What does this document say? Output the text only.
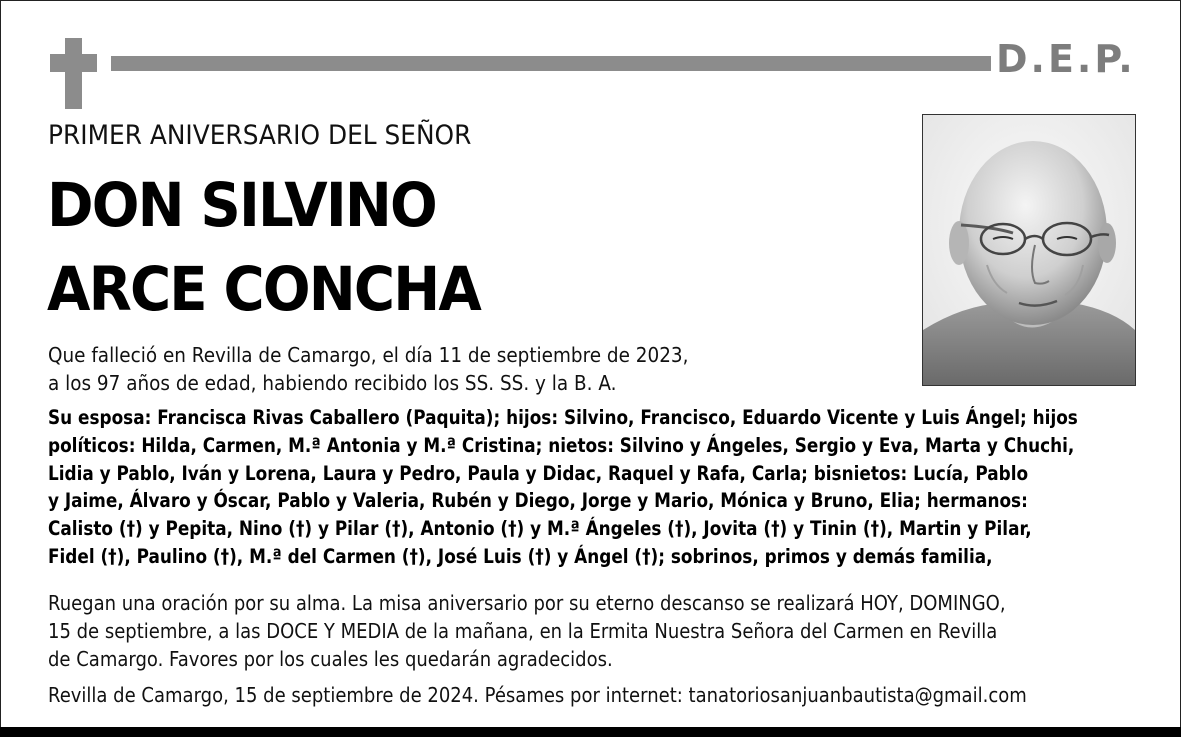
D.E.P.
PRIMER ANIVERSARIO DEL SEÑOR
DON SILVINO
ARCE CONCHA
Que falleció en Revilla de Camargo, el día 11 de septiembre de 2023,
a los 97 años de edad, habiendo recibido los SS. SS. y la B. A.
Su esposa: Francisca Rivas Caballero (Paquita); hijos: Silvino, Francisco, Eduardo Vicente y Luis Ángel; hijos
políticos: Hilda, Carmen, M.ª Antonia y M.ª Cristina; nietos: Silvino y Ángeles, Sergio y Eva, Marta y Chuchi,
Lidia y Pablo, Iván y Lorena, Laura y Pedro, Paula y Didac, Raquel y Rafa, Carla; bisnietos: Lucía, Pablo
y Jaime, Álvaro y Óscar, Pablo y Valeria, Rubén y Diego, Jorge y Mario, Mónica y Bruno, Elia; hermanos:
Calisto (†) y Pepita, Nino (†) y Pilar (†), Antonio (†) y M.ª Ángeles (†), Jovita (†) y Tinin (†), Martin y Pilar,
Fidel (†), Paulino (†), M.ª del Carmen (†), José Luis (†) y Ángel (†); sobrinos, primos y demás familia,
Ruegan una oración por su alma. La misa aniversario por su eterno descanso se realizará HOY, DOMINGO,
15 de septiembre, a las DOCE Y MEDIA de la mañana, en la Ermita Nuestra Señora del Carmen en Revilla
de Camargo. Favores por los cuales les quedarán agradecidos.
Revilla de Camargo, 15 de septiembre de 2024. Pésames por internet: tanatoriosanjuanbautista@gmail.com
